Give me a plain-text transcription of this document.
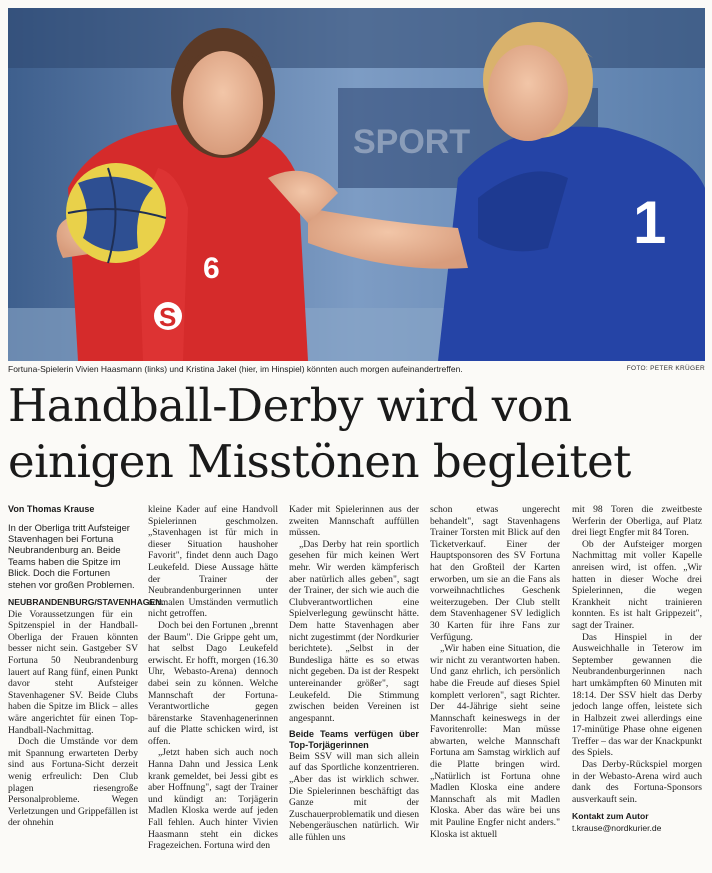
SPORT
6
S
1
Fortuna-Spielerin Vivien Haasmann (links) und Kristina Jakel (hier, im Hinspiel) könnten auch morgen aufeinandertreffen.	FOTO: PETER KRÜGER
Handball-Derby wird von
einigen Misstönen begleitet
Von Thomas Krause
In der Oberliga tritt Aufsteiger Stavenhagen bei Fortuna Neubrandenburg an. Beide Teams haben die Spitze im Blick. Doch die Fortunen stehen vor großen Problemen.

NEUBRANDENBURG/STAVENHAGEN. Die Voraussetzungen für ein Spitzenspiel in der Handball-Oberliga der Frauen könnten besser nicht sein. Gastgeber SV Fortuna 50 Neubrandenburg lauert auf Rang fünf, einen Punkt davor steht Aufsteiger Stavenhagener SV. Beide Clubs haben die Spitze im Blick – alles wäre angerichtet für einen Top-Handball-Nachmittag.

Doch die Umstände vor dem mit Spannung erwarteten Derby sind aus Fortuna-Sicht derzeit wenig erfreulich: Den Club plagen riesengroße Personalprobleme. Wegen Verletzungen und Grippefällen ist der ohnehin

kleine Kader auf eine Handvoll Spielerinnen geschmolzen. „Stavenhagen ist für mich in dieser Situation haushoher Favorit", findet denn auch Dago Leukefeld. Diese Aussage hätte der Trainer der Neubrandenburgerinnen unter normalen Umständen vermutlich nicht getroffen.

Doch bei den Fortunen „brennt der Baum". Die Grippe geht um, hat selbst Dago Leukefeld erwischt. Er hofft, morgen (16.30 Uhr, Webasto-Arena) dennoch dabei sein zu können. Welche Mannschaft der Fortuna-Verantwortliche gegen bärenstarke Stavenhagenerinnen auf die Platte schicken wird, ist offen.

„Jetzt haben sich auch noch Hanna Dahn und Jessica Lenk krank gemeldet, bei Jessi gibt es aber Hoffnung", sagt der Trainer und kündigt an: Torjägerin Madlen Kloska werde auf jeden Fall fehlen. Auch hinter Vivien Haasmann steht ein dickes Fragezeichen. Fortuna wird den

Kader mit Spielerinnen aus der zweiten Mannschaft auffüllen müssen.

„Das Derby hat rein sportlich gesehen für mich keinen Wert mehr. Wir werden kämpferisch aber natürlich alles geben", sagt der Trainer, der sich wie auch die Clubverantwortlichen eine Spielverlegung gewünscht hätte. Dem hatte Stavenhagen aber nicht zugestimmt (der Nordkurier berichtete). „Selbst in der Bundesliga hätte es so etwas nicht gegeben. Da ist der Respekt untereinander größer", sagt Leukefeld. Die Stimmung zwischen beiden Vereinen ist angespannt.

Beide Teams verfügen über Top-Torjägerinnen

Beim SSV will man sich allein auf das Sportliche konzentrieren. „Aber das ist wirklich schwer. Die Spielerinnen beschäftigt das Ganze mit der Zuschauerproblematik und diesen Nebengeräuschen natürlich. Wir alle fühlen uns

schon etwas ungerecht behandelt", sagt Stavenhagens Trainer Torsten mit Blick auf den Ticketverkauf. Einer der Hauptsponsoren des SV Fortuna hat den Großteil der Karten erworben, um sie an die Fans als vorweihnachtliches Geschenk weiterzugeben. Der Club stellt dem Stavenhagener SV lediglich 30 Karten für ihre Fans zur Verfügung.

„Wir haben eine Situation, die wir nicht zu verantworten haben. Und ganz ehrlich, ich persönlich habe die Freude auf dieses Spiel komplett verloren", sagt Richter. Der 44-Jährige sieht seine Mannschaft keineswegs in der Favoritenrolle: Man müsse abwarten, welche Mannschaft Fortuna am Samstag wirklich auf die Platte bringen wird. „Natürlich ist Fortuna ohne Madlen Kloska eine andere Mannschaft als mit Madlen Kloska. Aber das wäre bei uns mit Pauline Engfer nicht anders." Kloska ist aktuell

mit 98 Toren die zweitbeste Werferin der Oberliga, auf Platz drei liegt Engfer mit 84 Toren.

Ob der Aufsteiger morgen Nachmittag mit voller Kapelle anreisen wird, ist offen. „Wir hatten in dieser Woche drei Spielerinnen, die wegen Krankheit nicht trainieren konnten. Es ist halt Grippezeit", sagt der Trainer.

Das Hinspiel in der Ausweichhalle in Teterow im September gewannen die Neubrandenburgerinnen nach hart umkämpften 60 Minuten mit 18:14. Der SSV hielt das Derby jedoch lange offen, leistete sich in Halbzeit zwei allerdings eine 17-minütige Phase ohne eigenen Treffer – das war der Knackpunkt des Spiels.

Das Derby-Rückspiel morgen in der Webasto-Arena wird auch dank des Fortuna-Sponsors ausverkauft sein.

Kontakt zum Autor
t.krause@nordkurier.de
